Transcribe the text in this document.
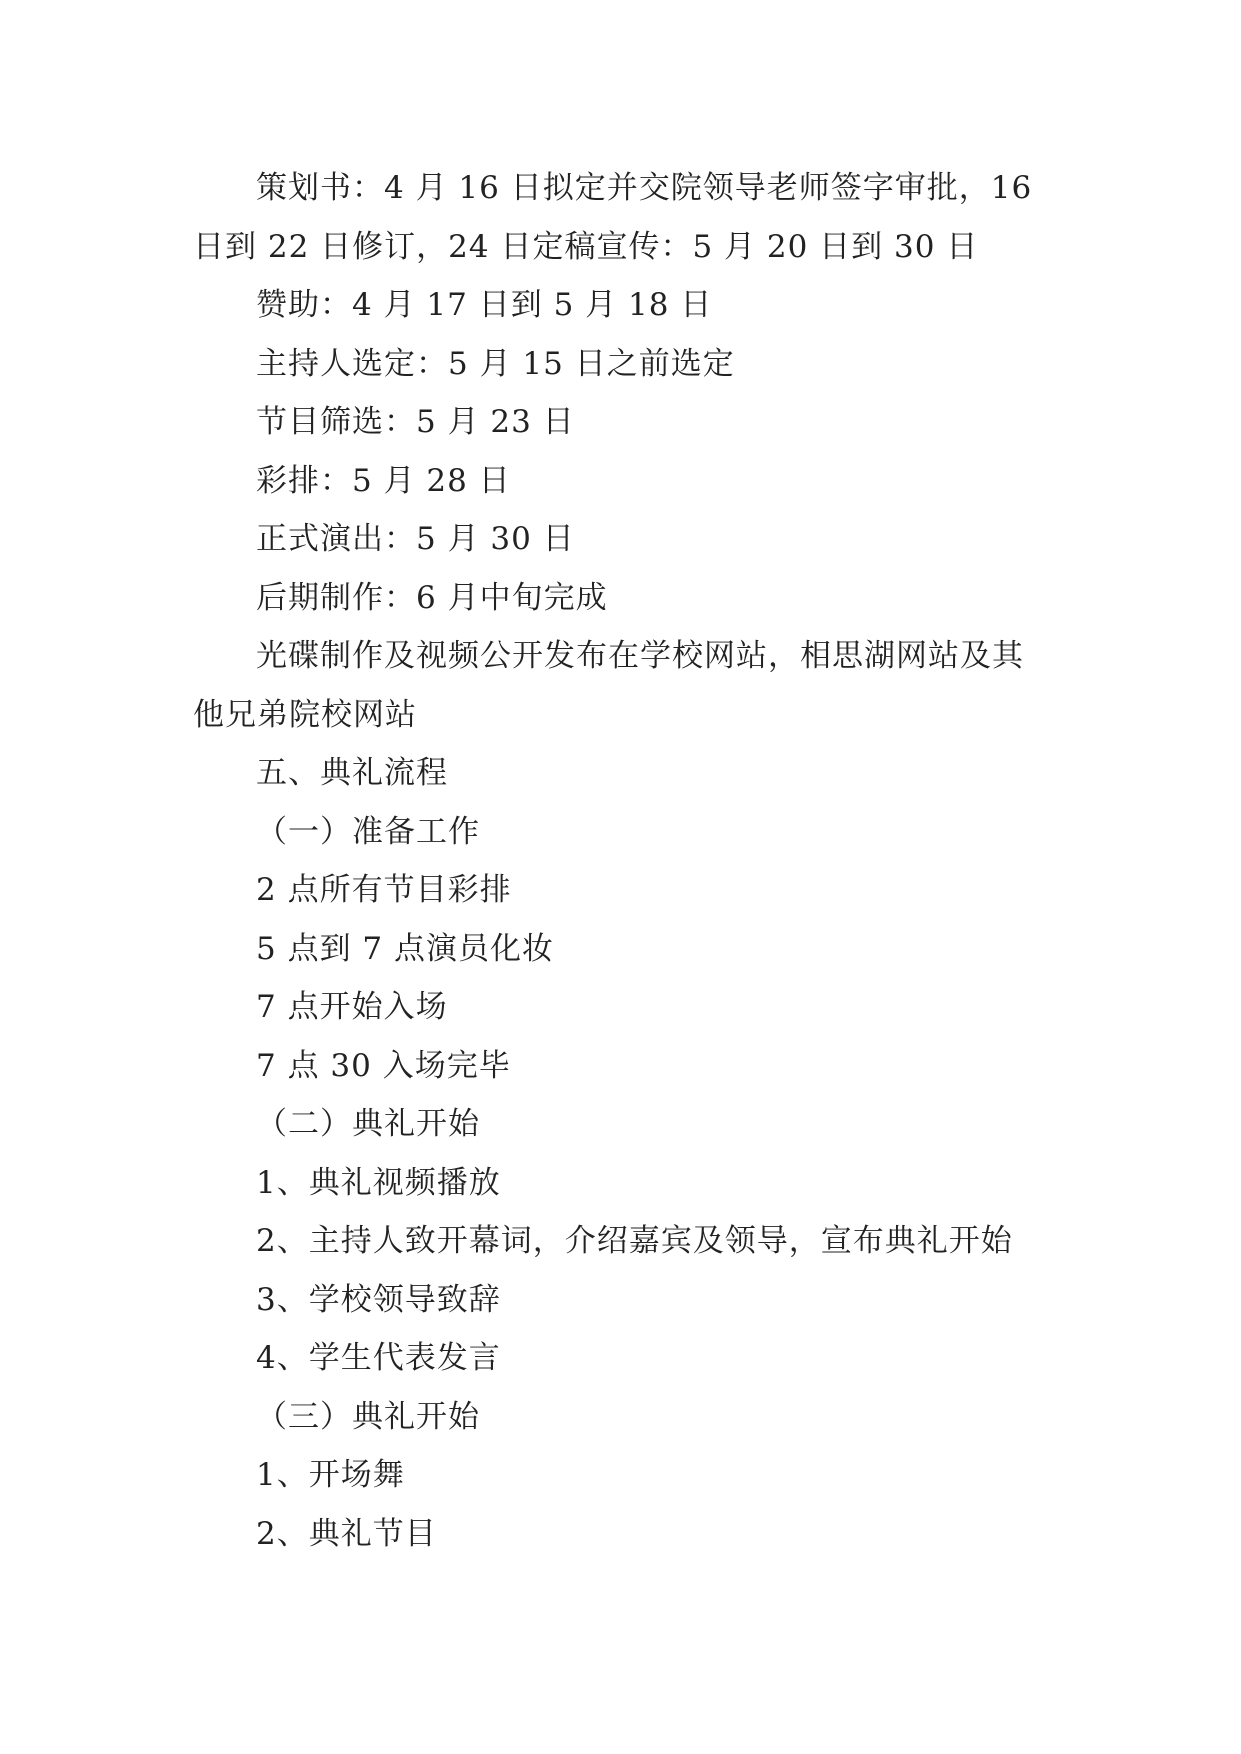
策划书：4 月 16 日拟定并交院领导老师签字审批，16 日到 22 日修订，24 日定稿宣传：5 月 20 日到 30 日

赞助：4 月 17 日到 5 月 18 日

主持人选定：5 月 15 日之前选定

节目筛选：5 月 23 日

彩排：5 月 28 日

正式演出：5 月 30 日

后期制作：6 月中旬完成

光碟制作及视频公开发布在学校网站，相思湖网站及其他兄弟院校网站

五、典礼流程

（一）准备工作

2 点所有节目彩排

5 点到 7 点演员化妆

7 点开始入场

7 点 30 入场完毕

（二）典礼开始

1、典礼视频播放

2、主持人致开幕词，介绍嘉宾及领导，宣布典礼开始

3、学校领导致辞

4、学生代表发言

（三）典礼开始

1、开场舞

2、典礼节目
